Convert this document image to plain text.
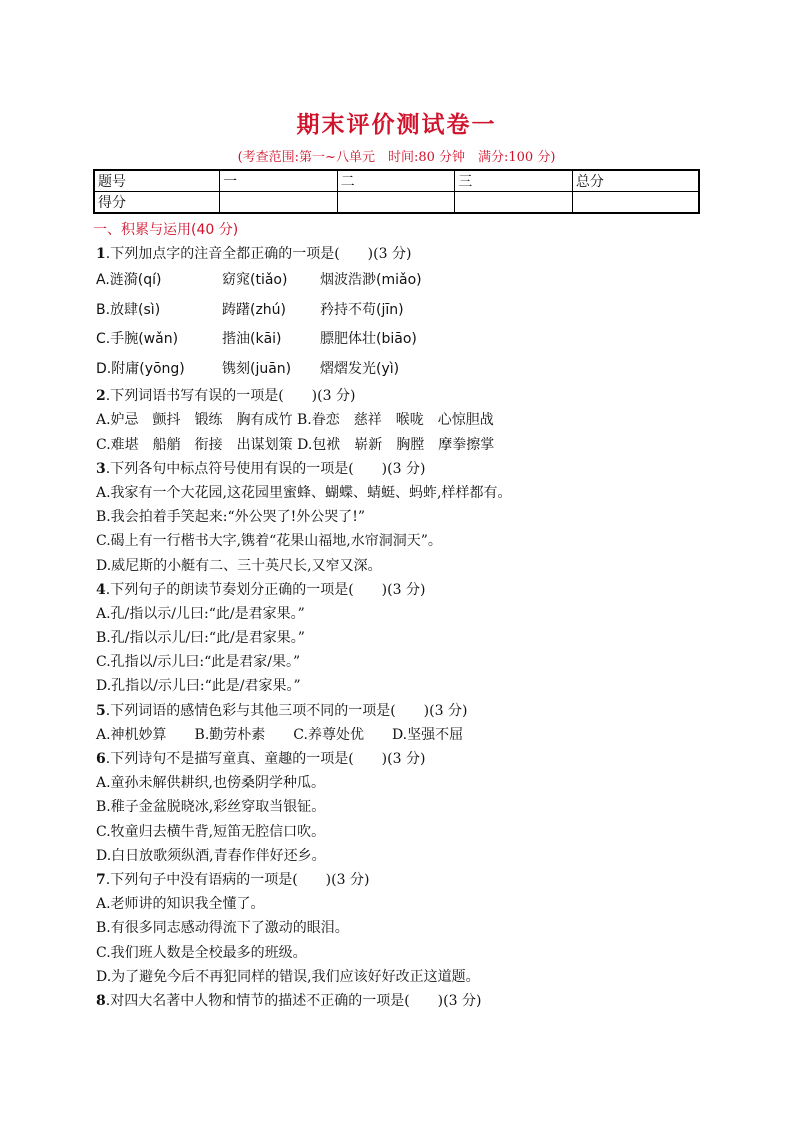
期末评价测试卷一
(考查范围:第一~八单元　时间:80 分钟　满分:100 分)
题号	一	二	三	总分
得分				
一、积累与运用(40 分)
1.下列加点字的注音全都正确的一项是(　　)(3 分)
A.涟漪(qí)	窈窕(tiǎo) 烟波浩渺(miǎo)
B.放肆(sì)	踌躇(zhú) 矜持不苟(jīn)
C.手腕(wǎn)	揩油(kāi)	膘肥体壮(biāo)
D.附庸(yōng)	镌刻(juān) 熠熠发光(yì)
2.下列词语书写有误的一项是(　　)(3 分)
A.妒忌　颤抖　锻练　胸有成竹 B.眷恋　慈祥　喉咙　心惊胆战
C.难堪　船艄　衔接　出谋划策 D.包袱　崭新　胸膛　摩拳擦掌
3.下列各句中标点符号使用有误的一项是(　　)(3 分)
A.我家有一个大花园,这花园里蜜蜂、蝴蝶、蜻蜓、蚂蚱,样样都有。
B.我会拍着手笑起来:“外公哭了!外公哭了!”
C.碣上有一行楷书大字,镌着“花果山福地,水帘洞洞天”。
D.威尼斯的小艇有二、三十英尺长,又窄又深。
4.下列句子的朗读节奏划分正确的一项是(　　)(3 分)
A.孔/指以示/儿曰:“此/是君家果。”
B.孔/指以示儿/曰:“此/是君家果。”
C.孔指以/示儿曰:“此是君家/果。”
D.孔指以/示儿曰:“此是/君家果。”
5.下列词语的感情色彩与其他三项不同的一项是(　　)(3 分)
A.神机妙算　　B.勤劳朴素　　C.养尊处优　　D.坚强不屈
6.下列诗句不是描写童真、童趣的一项是(　　)(3 分)
A.童孙未解供耕织,也傍桑阴学种瓜。
B.稚子金盆脱晓冰,彩丝穿取当银钲。
C.牧童归去横牛背,短笛无腔信口吹。
D.白日放歌须纵酒,青春作伴好还乡。
7.下列句子中没有语病的一项是(　　)(3 分)
A.老师讲的知识我全懂了。
B.有很多同志感动得流下了激动的眼泪。
C.我们班人数是全校最多的班级。
D.为了避免今后不再犯同样的错误,我们应该好好改正这道题。
8.对四大名著中人物和情节的描述不正确的一项是(　　)(3 分)
